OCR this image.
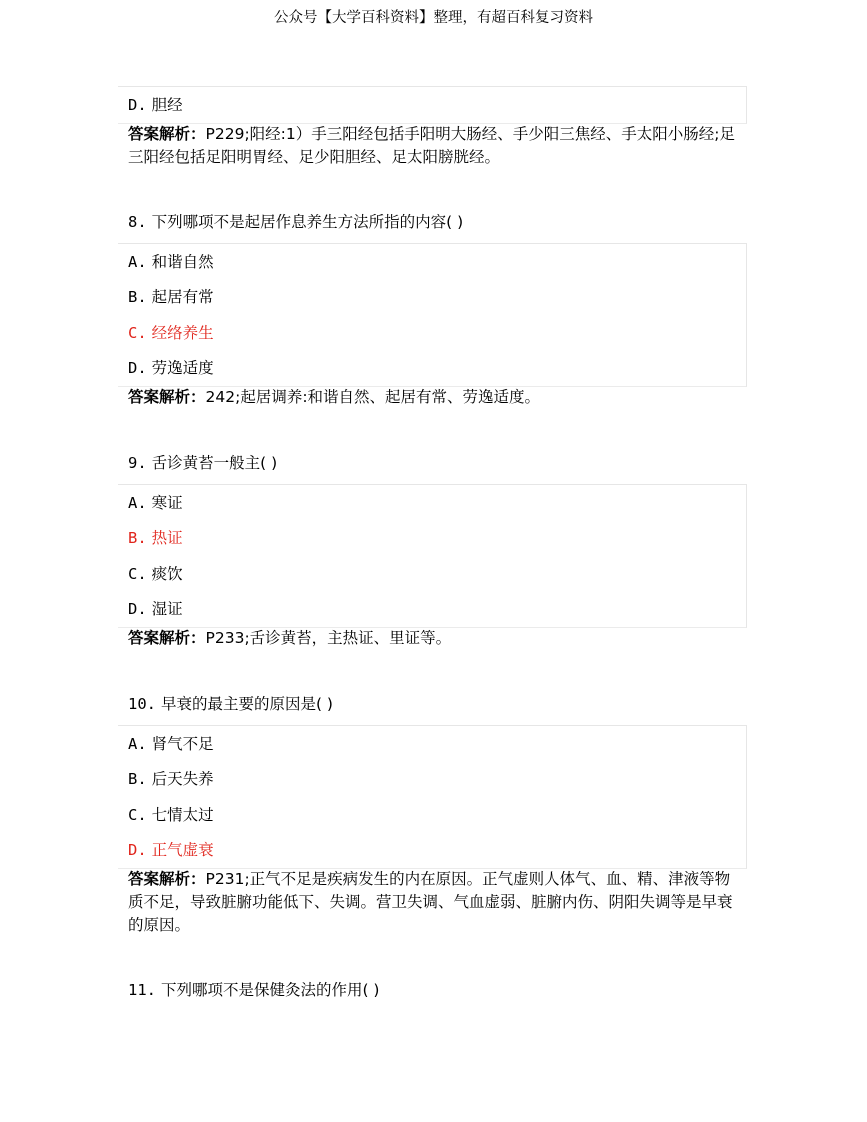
公众号【大学百科资料】整理，有超百科复习资料
D. 胆经
答案解析：P229;阳经:1）手三阳经包括手阳明大肠经、手少阳三焦经、手太阳小肠经;足三阳经包括足阳明胃经、足少阳胆经、足太阳膀胱经。
8. 下列哪项不是起居作息养生方法所指的内容( )
A. 和谐自然
B. 起居有常
C. 经络养生
D. 劳逸适度
答案解析：242;起居调养:和谐自然、起居有常、劳逸适度。
9. 舌诊黄苔一般主( )
A. 寒证
B. 热证
C. 痰饮
D. 湿证
答案解析：P233;舌诊黄苔，主热证、里证等。
10. 早衰的最主要的原因是( )
A. 肾气不足
B. 后天失养
C. 七情太过
D. 正气虚衰
答案解析：P231;正气不足是疾病发生的内在原因。正气虚则人体气、血、精、津液等物质不足，导致脏腑功能低下、失调。营卫失调、气血虚弱、脏腑内伤、阴阳失调等是早衰的原因。
11. 下列哪项不是保健灸法的作用( )
